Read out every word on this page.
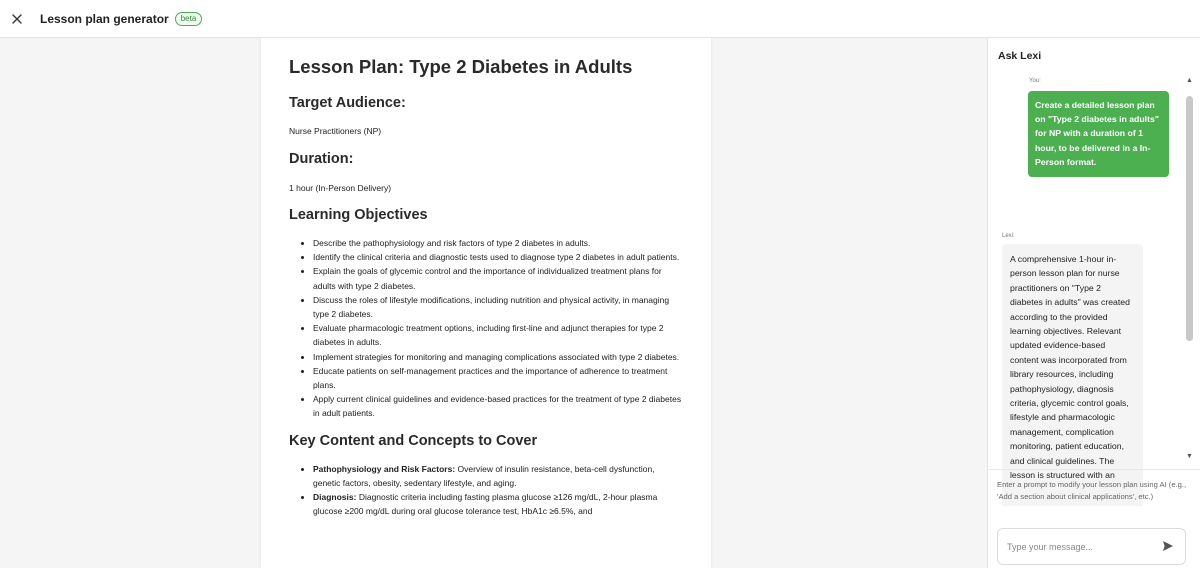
Lesson plan generator	beta
Lesson Plan: Type 2 Diabetes in Adults
Target Audience:

Nurse Practitioners (NP)

Duration:

1 hour (In-Person Delivery)

Learning Objectives
• Describe the pathophysiology and risk factors of type 2 diabetes in adults.
• Identify the clinical criteria and diagnostic tests used to diagnose type 2 diabetes in adult patients.
• Explain the goals of glycemic control and the importance of individualized treatment plans for adults with type 2 diabetes.
• Discuss the roles of lifestyle modifications, including nutrition and physical activity, in managing type 2 diabetes.
• Evaluate pharmacologic treatment options, including first-line and adjunct therapies for type 2 diabetes in adults.
• Implement strategies for monitoring and managing complications associated with type 2 diabetes.
• Educate patients on self-management practices and the importance of adherence to treatment plans.
• Apply current clinical guidelines and evidence-based practices for the treatment of type 2 diabetes in adult patients.
Key Content and Concepts to Cover
• Pathophysiology and Risk Factors: Overview of insulin resistance, beta-cell dysfunction, genetic factors, obesity, sedentary lifestyle, and aging.
• Diagnosis: Diagnostic criteria including fasting plasma glucose ≥126 mg/dL, 2-hour plasma glucose ≥200 mg/dL during oral glucose tolerance test, HbA1c ≥6.5%, and
Ask Lexi
You:
Create a detailed lesson plan on "Type 2 diabetes in adults" for NP with a duration of 1 hour, to be delivered in a In-Person format.
Lexi:
A comprehensive 1-hour in-person lesson plan for nurse practitioners on "Type 2 diabetes in adults" was created according to the provided learning objectives. Relevant updated evidence-based content was incorporated from library resources, including pathophysiology, diagnosis criteria, glycemic control goals, lifestyle and pharmacologic management, complication monitoring, patient education, and clinical guidelines. The lesson is structured with an
▲
▼
Enter a prompt to modify your lesson plan using AI (e.g., 'Add a section about clinical applications', etc.)
Type your message...
